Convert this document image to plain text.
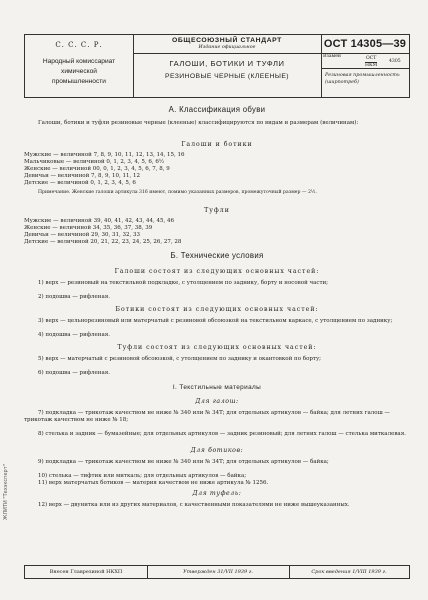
ЖЛИТИ "Техэксперт"
С. С. С. Р.
Народный комиссариат
химической
промышленности
ОБЩЕСОЮЗНЫЙ СТАНДАРТ
Издание официальное
ГАЛОШИ, БОТИКИ И ТУФЛИ
РЕЗИНОВЫЕ ЧЕРНЫЕ (КЛЕЕНЫЕ)
ОСТ 14305—39
Взамен	ОСТ
НКМ
4305
Резиновая промышленность (ширпотреб)
А. Классификация обуви

Галоши, ботики и туфли резиновые черные (клееные) классифицируются по видам и размерам (величинам):

Галоши и ботики
Мужские — величиной 7, 8, 9, 10, 11, 12, 13, 14, 15, 16
Мальчиковые — величиной 0, 1, 2, 3, 4, 5, 6, 6½
Женские — величиной 00, 0, 1, 2, 3, 4, 5, 6, 7, 8, 9
Девичьи — величиной 7, 8, 9, 10, 11, 12
Детские — величиной 0, 1, 2, 3, 4, 5, 6

Примечание. Женские галоши артикула 316 имеют, помимо указанных размеров, промежуточный размер — 2½.

Туфли
Мужские — величиной 39, 40, 41, 42, 43, 44, 45, 46
Женские — величиной 34, 35, 36, 37, 38, 39
Девичьи — величиной 29, 30, 31, 32, 33
Детские — величиной 20, 21, 22, 23, 24, 25, 26, 27, 28
Б. Технические условия
Галоши состоят из следующих основных частей:

1) верх — резиновый на текстильной подкладке, с утолщением по заднику, борту и носовой части;

2) подошва — рифленая.

Ботики состоят из следующих основных частей:

3) верх — цельнорезиновый или матерчатый с резиновой обсоюзкой на текстильном каркасе, с утолщением по заднику;

4) подошва — рифленая.

Туфли состоят из следующих основных частей:

5) верх — матерчатый с резиновой обсоюзкой, с утолщением по заднику и окантовкой по борту;

6) подошва — рифленая.

I. Текстильные материалы
Для галош:

7) подкладка — трикотаж качеством не ниже № 340 или № 34Т; для отдельных артикулов — байка; для летних галош — трикотаж качеством не ниже № 18;

8) стелька и задник — бумазейные; для отдельных артикулов — задник резиновый; для летних галош — стелька миткалевая.

Для ботиков:

9) подкладка — трикотаж качеством не ниже № 340 или № 34Т; для отдельных артикулов — байка;

10) стелька — тифтик или миткаль; для отдельных артикулов — байка;

11) верх матерчатых ботиков — материя качеством не ниже артикула № 1256.

Для туфель:

12) верх — двунитка или из других материалов, с качественными показателями не ниже вышеуказанных.

Внесен Главрезиной НКХП	Утвержден 31/VII 1939 г.	Срок введения 1/VIII 1939 г.
